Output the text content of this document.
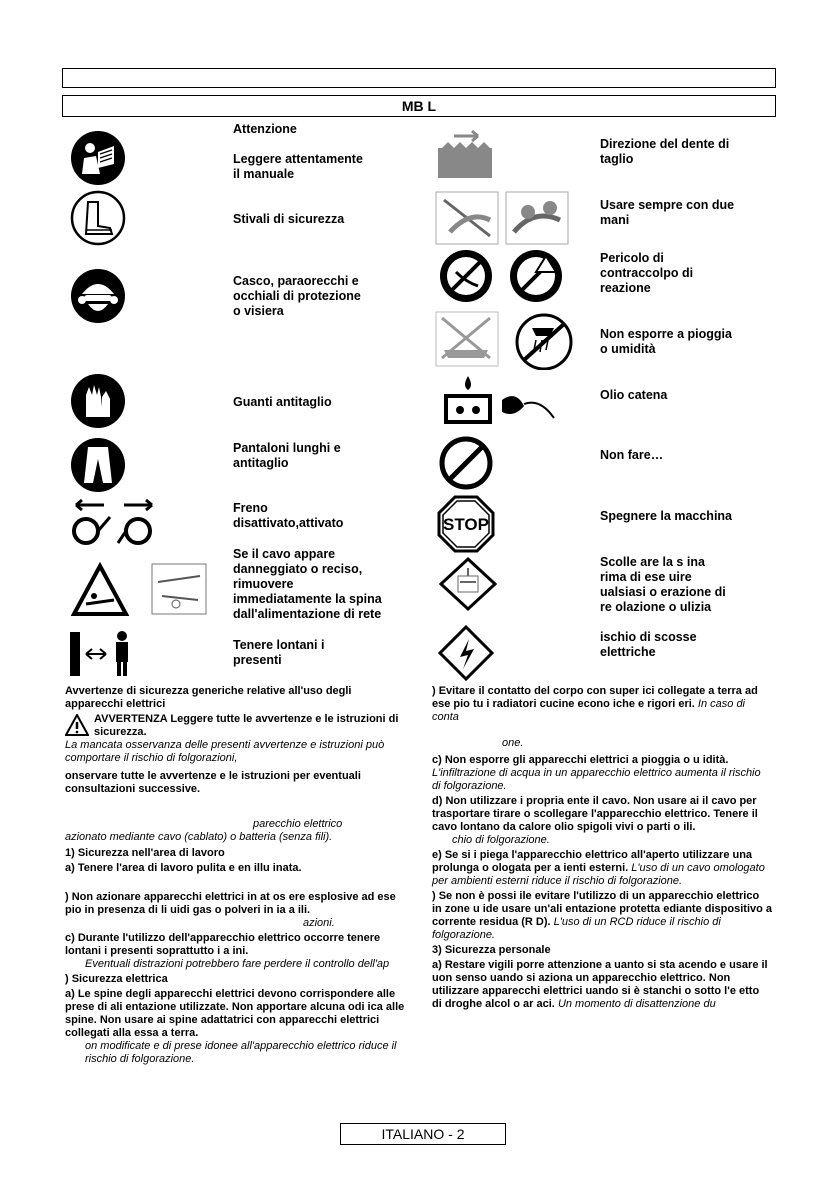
MB L
Attenzione

Leggere attentamente
il manuale
Stivali di sicurezza
Casco, paraorecchi e
occhiali di protezione
o visiera
Guanti antitaglio
Pantaloni lunghi e
antitaglio
Freno
disattivato,attivato
Se il cavo appare
danneggiato o reciso,
rimuovere
immediatamente la spina
dall'alimentazione di rete
Tenere lontani i
presenti
Direzione del dente di
taglio
Usare sempre con due
mani
Pericolo di
contraccolpo di
reazione
Non esporre a pioggia
o umidità
Olio catena
Non fare…
STOP	Spegnere la macchina
Scolle are la s ina
rima di ese uire
ualsiasi o erazione di
re olazione o ulizia
ischio di scosse
elettriche

Avvertenze di sicurezza generiche relative all'uso degli apparecchi elettrici

AVVERTENZA Leggere tutte le avvertenze e le istruzioni di sicurezza.

La mancata osservanza delle presenti avvertenze e istruzioni può comportare il rischio di folgorazioni,

onservare tutte le avvertenze e le istruzioni per eventuali consultazioni successive.

parecchio elettrico

azionato mediante cavo (cablato) o batteria (senza fili).

1) Sicurezza nell'area di lavoro

a) Tenere l'area di lavoro pulita e en illu inata.

) Non azionare apparecchi elettrici in at os ere esplosive ad ese pio in presenza di li uidi gas o polveri in ia a ili.

azioni.

c) Durante l'utilizzo dell'apparecchio elettrico occorre tenere lontani i presenti soprattutto i a ini.

Eventuali distrazioni potrebbero fare perdere il controllo dell'ap

) Sicurezza elettrica

a) Le spine degli apparecchi elettrici devono corrispondere alle prese di ali entazione utilizzate. Non apportare alcuna odi ica alle spine. Non usare ai spine adattatrici con apparecchi elettrici collegati alla essa a terra.

on modificate e di prese idonee all'apparecchio elettrico riduce il rischio di folgorazione.

) Evitare il contatto del corpo con super ici collegate a terra ad ese pio tu i radiatori cucine econo iche e rigori eri. In caso di conta

one.

c) Non esporre gli apparecchi elettrici a pioggia o u idità. L'infiltrazione di acqua in un apparecchio elettrico aumenta il rischio di folgorazione.

d) Non utilizzare i propria ente il cavo. Non usare ai il cavo per trasportare tirare o scollegare l'apparecchio elettrico. Tenere il cavo lontano da calore olio spigoli vivi o parti o ili.

chio di folgorazione.

e) Se si i piega l'apparecchio elettrico all'aperto utilizzare una prolunga o ologata per a ienti esterni. L'uso di un cavo omologato per ambienti esterni riduce il rischio di folgorazione.

) Se non è possi ile evitare l'utilizzo di un apparecchio elettrico in zone u ide usare un'ali entazione protetta ediante dispositivo a corrente residua (R D). L'uso di un RCD riduce il rischio di folgorazione.

3) Sicurezza personale

a) Restare vigili porre attenzione a uanto si sta acendo e usare il uon senso uando si aziona un apparecchio elettrico. Non utilizzare apparecchi elettrici uando si è stanchi o sotto l'e etto di droghe alcol o ar aci. Un momento di disattenzione du

ITALIANO - 2
